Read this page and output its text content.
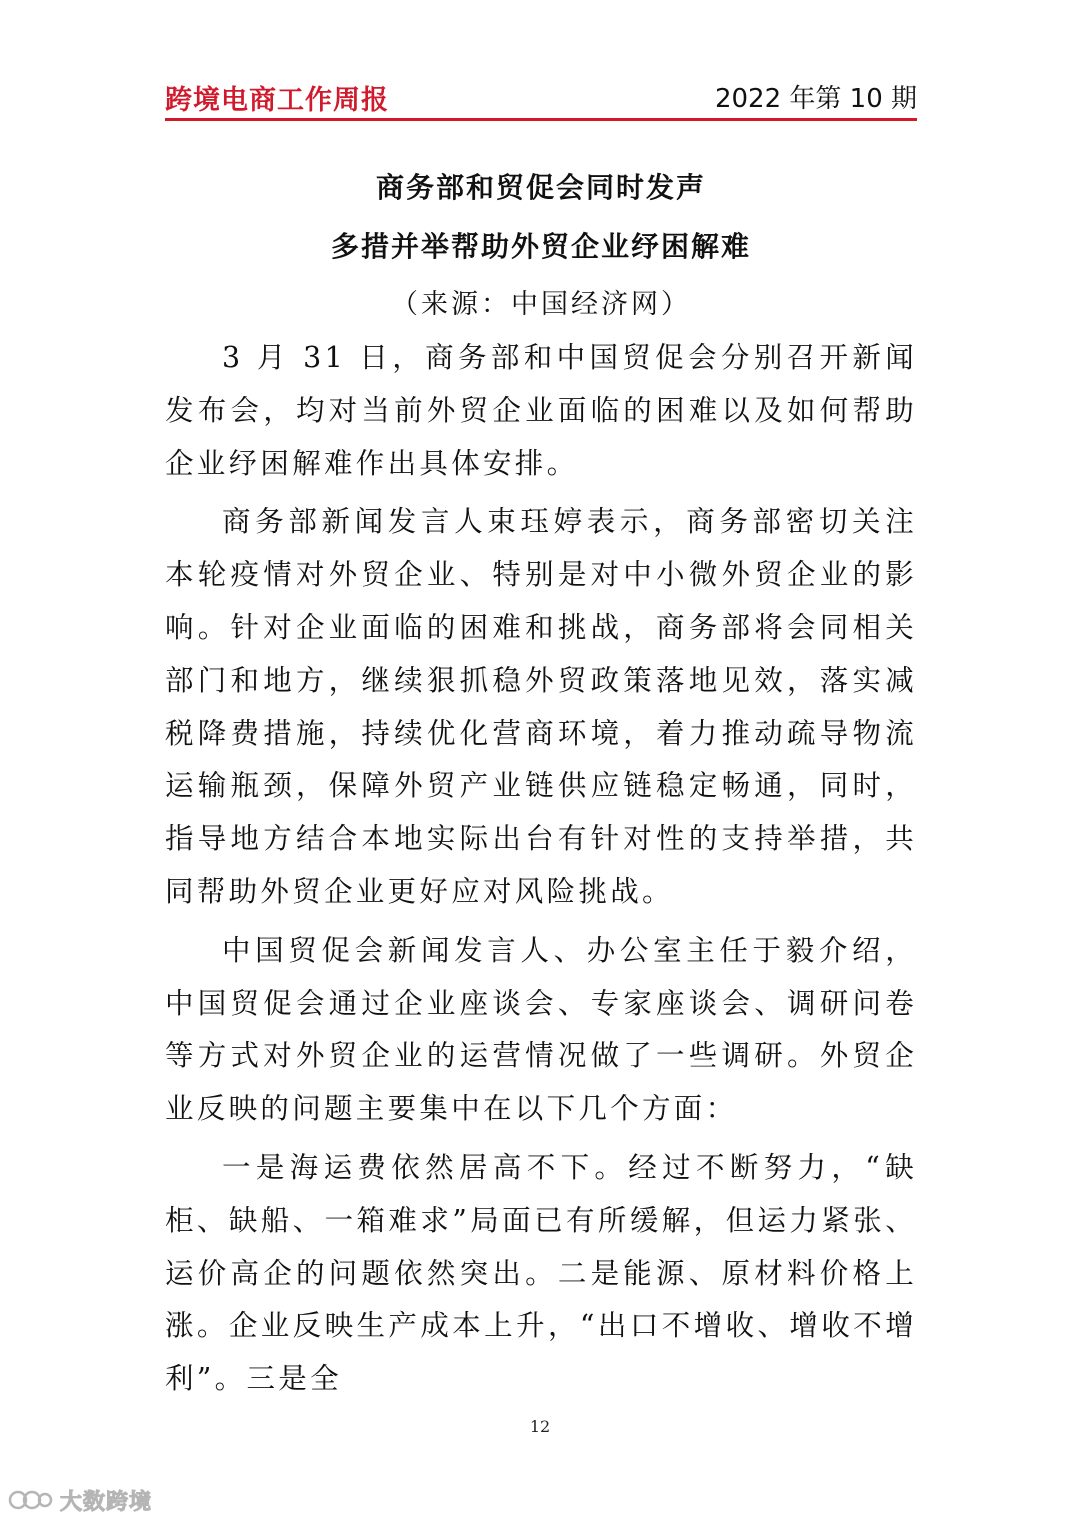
跨境电商工作周报	2022 年第 10 期
商务部和贸促会同时发声
多措并举帮助外贸企业纾困解难
（来源：中国经济网）

3 月 31 日，商务部和中国贸促会分别召开新闻发布会，均对当前外贸企业面临的困难以及如何帮助企业纾困解难作出具体安排。

商务部新闻发言人束珏婷表示，商务部密切关注本轮疫情对外贸企业、特别是对中小微外贸企业的影响。针对企业面临的困难和挑战，商务部将会同相关部门和地方，继续狠抓稳外贸政策落地见效，落实减税降费措施，持续优化营商环境，着力推动疏导物流运输瓶颈，保障外贸产业链供应链稳定畅通，同时，指导地方结合本地实际出台有针对性的支持举措，共同帮助外贸企业更好应对风险挑战。

中国贸促会新闻发言人、办公室主任于毅介绍，中国贸促会通过企业座谈会、专家座谈会、调研问卷等方式对外贸企业的运营情况做了一些调研。外贸企业反映的问题主要集中在以下几个方面：

一是海运费依然居高不下。经过不断努力，“缺柜、缺船、一箱难求”局面已有所缓解，但运力紧张、运价高企的问题依然突出。二是能源、原材料价格上涨。企业反映生产成本上升，“出口不增收、增收不增利”。三是全

12
大数跨境
